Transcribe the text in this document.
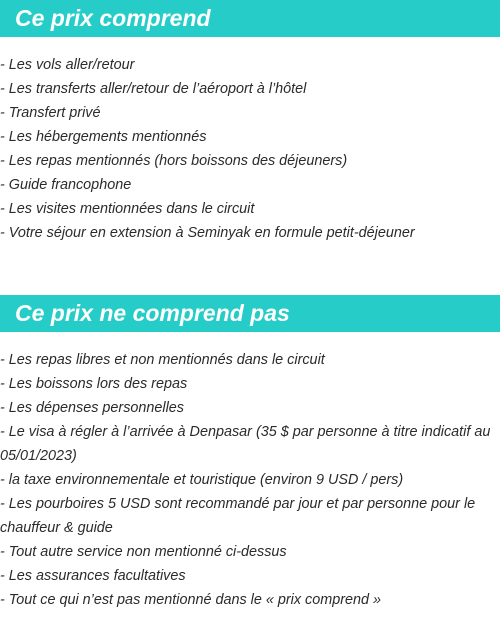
Ce prix comprend
- Les vols aller/retour
- Les transferts aller/retour de l’aéroport à l’hôtel
- Transfert privé
- Les hébergements mentionnés
- Les repas mentionnés (hors boissons des déjeuners)
- Guide francophone
- Les visites mentionnées dans le circuit
- Votre séjour en extension à Seminyak en formule petit-déjeuner
Ce prix ne comprend pas
- Les repas libres et non mentionnés dans le circuit
- Les boissons lors des repas
- Les dépenses personnelles
- Le visa à régler à l’arrivée à Denpasar (35 $ par personne à titre indicatif au 05/01/2023)
- la taxe environnementale et touristique (environ 9 USD / pers)
- Les pourboires 5 USD sont recommandé par jour et par personne pour le chauffeur & guide
- Tout autre service non mentionné ci-dessus
- Les assurances facultatives
- Tout ce qui n’est pas mentionné dans le « prix comprend »
